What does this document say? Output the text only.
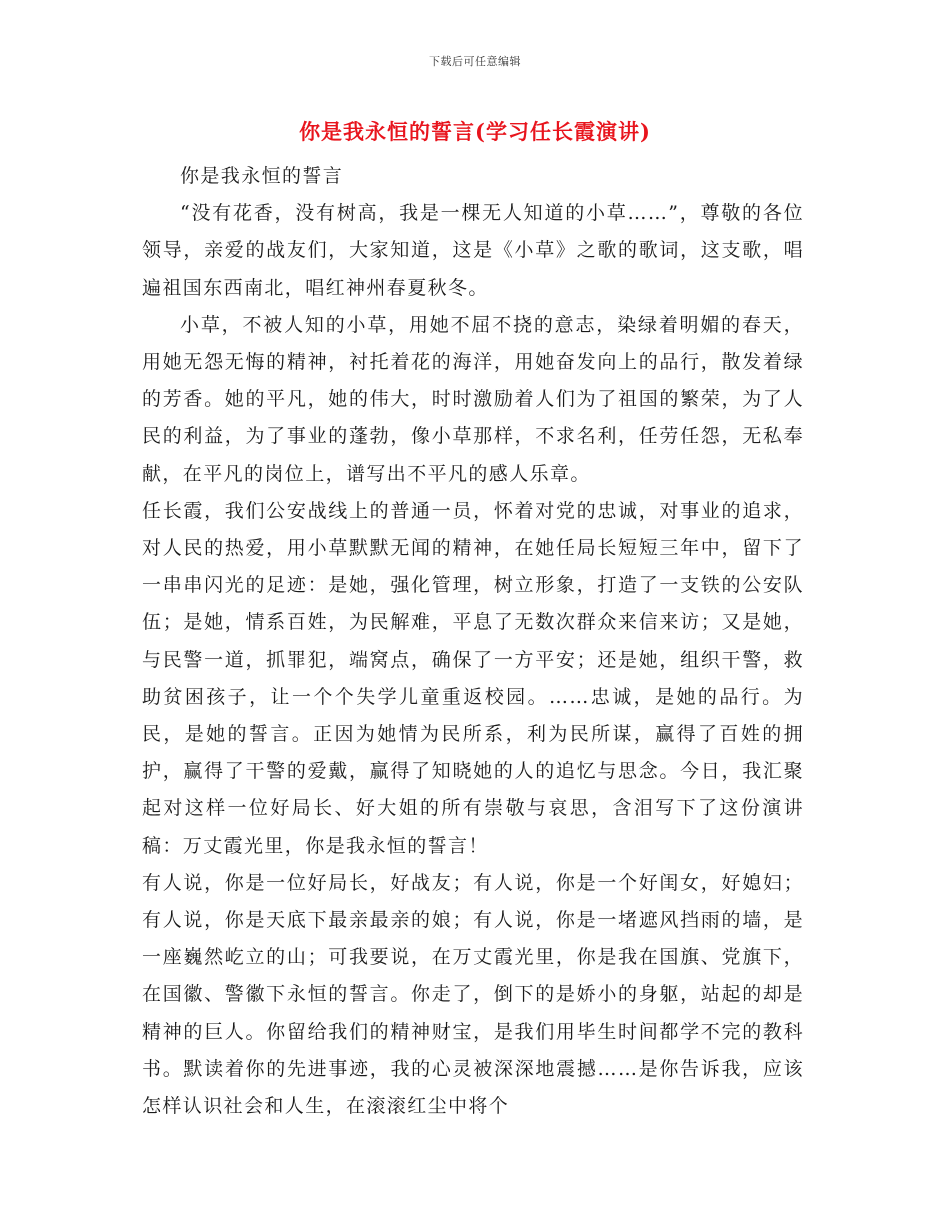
下载后可任意编辑
你是我永恒的誓言(学习任长霞演讲)

你是我永恒的誓言

“没有花香，没有树高，我是一棵无人知道的小草……”，尊敬的各位领导，亲爱的战友们，大家知道，这是《小草》之歌的歌词，这支歌，唱遍祖国东西南北，唱红神州春夏秋冬。

小草，不被人知的小草，用她不屈不挠的意志，染绿着明媚的春天，用她无怨无悔的精神，衬托着花的海洋，用她奋发向上的品行，散发着绿的芳香。她的平凡，她的伟大，时时激励着人们为了祖国的繁荣，为了人民的利益，为了事业的蓬勃，像小草那样，不求名利，任劳任怨，无私奉献，在平凡的岗位上，谱写出不平凡的感人乐章。

任长霞，我们公安战线上的普通一员，怀着对党的忠诚，对事业的追求，对人民的热爱，用小草默默无闻的精神，在她任局长短短三年中，留下了一串串闪光的足迹：是她，强化管理，树立形象，打造了一支铁的公安队伍；是她，情系百姓，为民解难，平息了无数次群众来信来访；又是她，与民警一道，抓罪犯，端窝点，确保了一方平安；还是她，组织干警，救助贫困孩子，让一个个失学儿童重返校园。……忠诚，是她的品行。为民，是她的誓言。正因为她情为民所系，利为民所谋，赢得了百姓的拥护，赢得了干警的爱戴，赢得了知晓她的人的追忆与思念。今日，我汇聚起对这样一位好局长、好大姐的所有崇敬与哀思，含泪写下了这份演讲稿：万丈霞光里，你是我永恒的誓言！

有人说，你是一位好局长，好战友；有人说，你是一个好闺女，好媳妇；有人说，你是天底下最亲最亲的娘；有人说，你是一堵遮风挡雨的墙，是一座巍然屹立的山；可我要说，在万丈霞光里，你是我在国旗、党旗下，在国徽、警徽下永恒的誓言。你走了，倒下的是娇小的身躯，站起的却是精神的巨人。你留给我们的精神财宝，是我们用毕生时间都学不完的教科书。默读着你的先进事迹，我的心灵被深深地震撼……是你告诉我，应该怎样认识社会和人生，在滚滚红尘中将个
